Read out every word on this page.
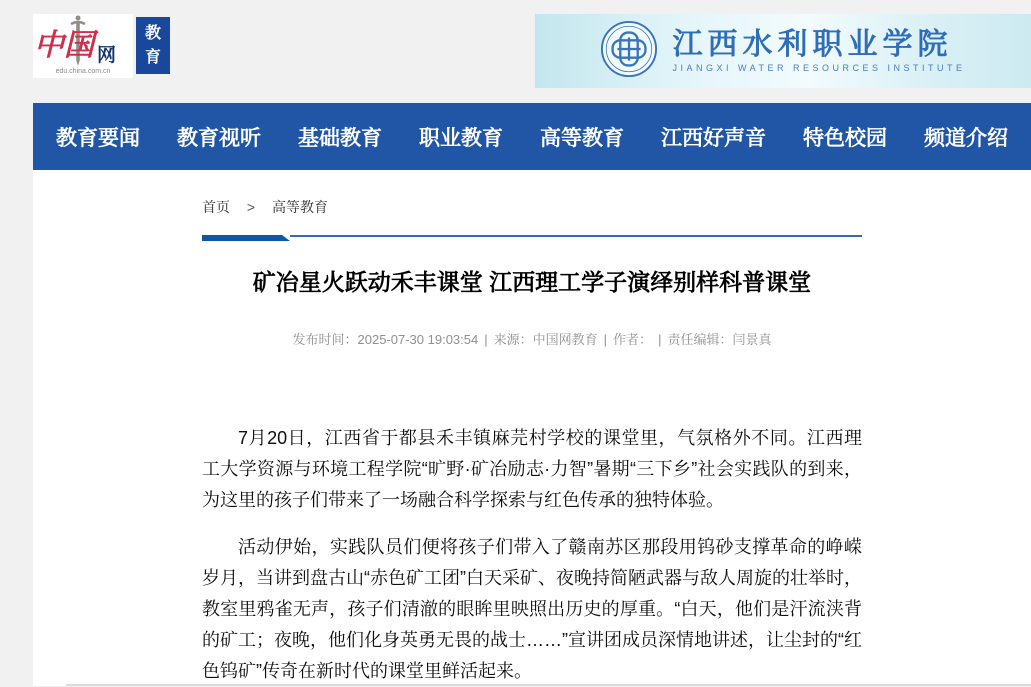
中国 网
edu.china.com.cn
教
育	江西水利职业学院
JIANGXI WATER RESOURCES INSTITUTE
教育要闻 教育视听 基础教育 职业教育 高等教育 江西好声音 特色校园 频道介绍
首页 > 高等教育
矿冶星火跃动禾丰课堂 江西理工学子演绎别样科普课堂
发布时间：2025-07-30 19:03:54 | 来源：中国网教育 | 作者： | 责任编辑：闫景真

7月20日，江西省于都县禾丰镇麻芫村学校的课堂里，气氛格外不同。江西理工大学资源与环境工程学院“旷野·矿冶励志·力智”暑期“三下乡”社会实践队的到来，为这里的孩子们带来了一场融合科学探索与红色传承的独特体验。

活动伊始，实践队员们便将孩子们带入了赣南苏区那段用钨砂支撑革命的峥嵘岁月，当讲到盘古山“赤色矿工团”白天采矿、夜晚持简陋武器与敌人周旋的壮举时，教室里鸦雀无声，孩子们清澈的眼眸里映照出历史的厚重。“白天，他们是汗流浃背的矿工；夜晚，他们化身英勇无畏的战士……”宣讲团成员深情地讲述，让尘封的“红色钨矿”传奇在新时代的课堂里鲜活起来。
